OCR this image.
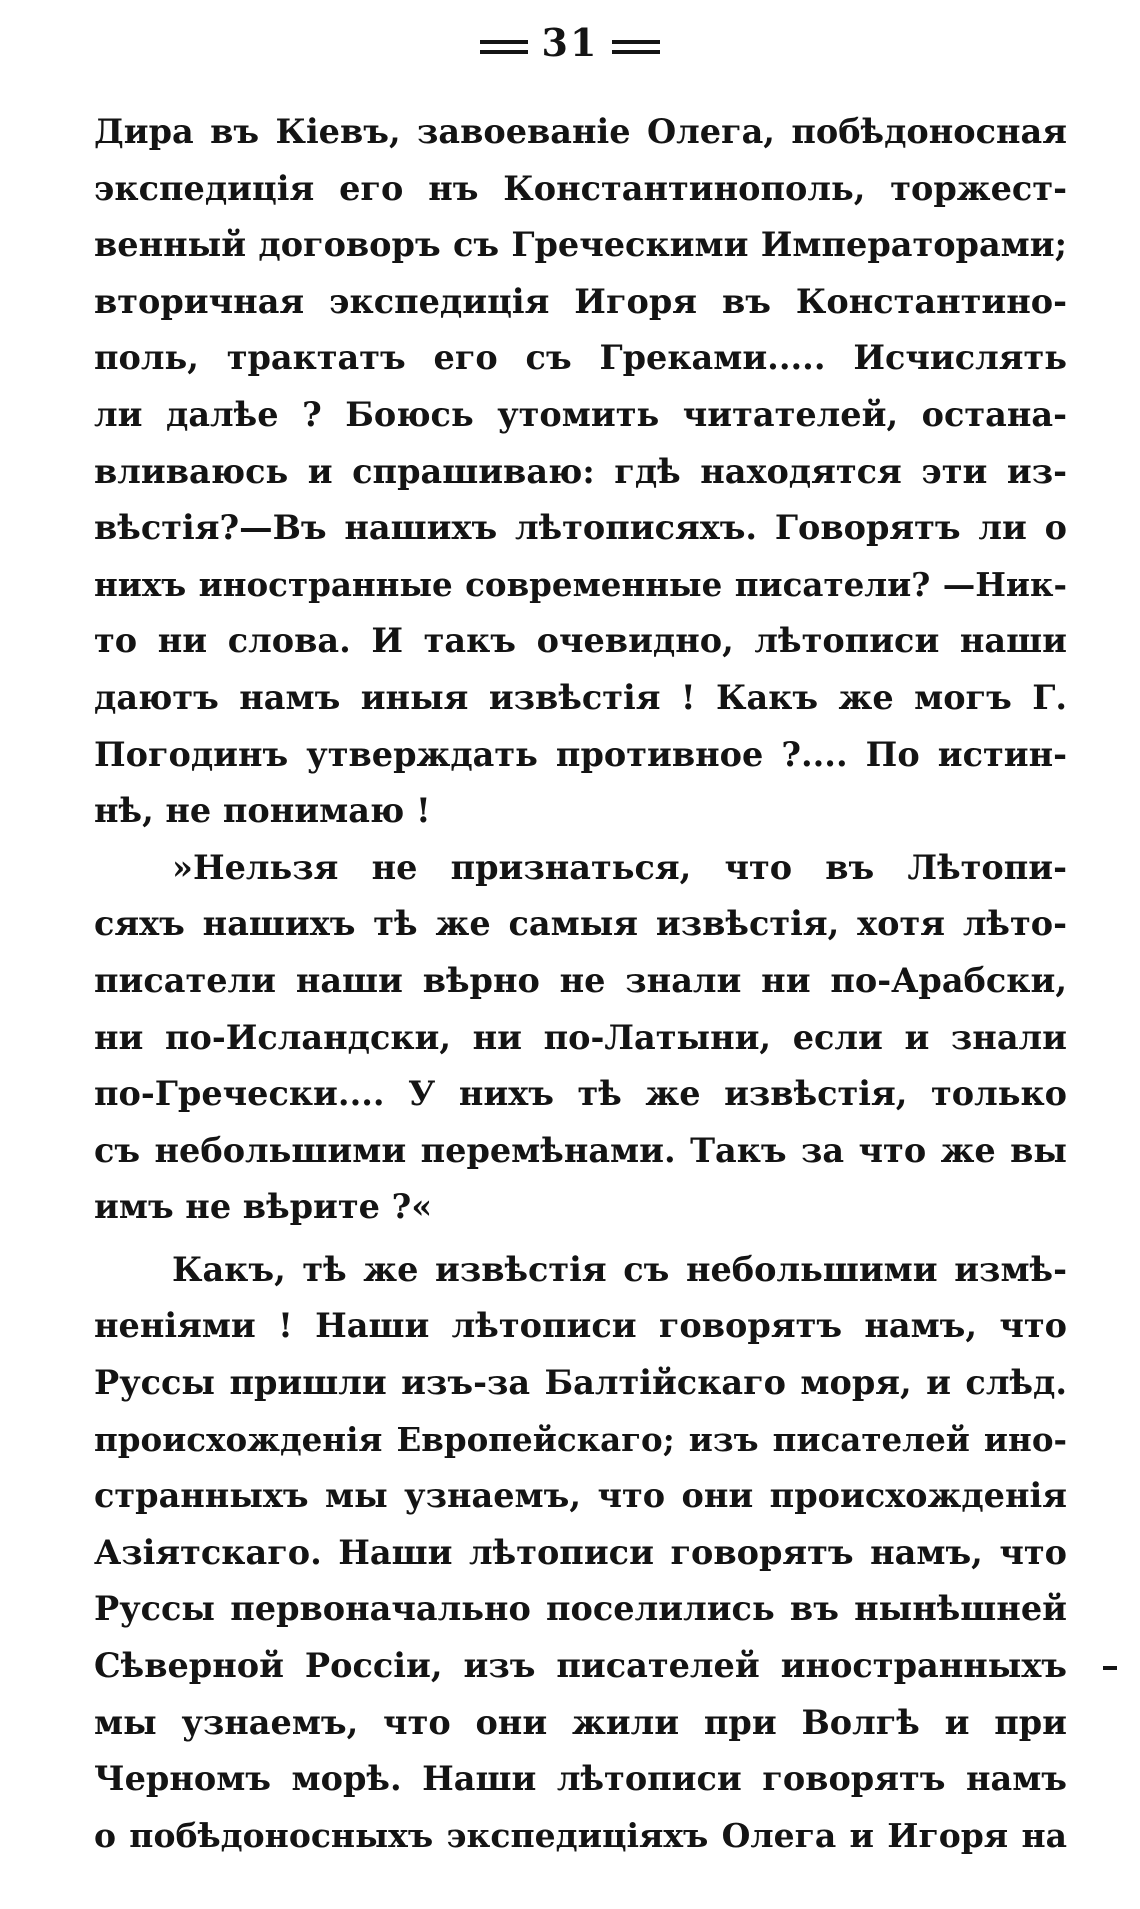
31
Дира въ Кіевъ, завоеваніе Олега, побѣдоносная
экспедиція его нъ Константинополь, торжест-
венный договоръ съ Греческими Императорами;
вторичная экспедиція Игоря въ Константино-
поль, трактатъ его съ Греками..... Исчислять
ли далѣе ? Боюсь утомить читателей, остана-
вливаюсь и спрашиваю: гдѣ находятся эти из-
вѣстія?—Въ нашихъ лѣтописяхъ. Говорятъ ли о
нихъ иностранные современные писатели? —Ник-
то ни слова. И такъ очевидно, лѣтописи наши
даютъ намъ иныя извѣстія ! Какъ же могъ Г.
Погодинъ утверждать противное ?.... По истин-
нѣ, не понимаю !
»Нельзя не признаться, что въ Лѣтопи-
сяхъ нашихъ тѣ же самыя извѣстія, хотя лѣто-
писатели наши вѣрно не знали ни по-Арабски,
ни по-Исландски, ни по-Латыни, если и знали
по-Гречески.... У нихъ тѣ же извѣстія, только
съ небольшими перемѣнами. Такъ за что же вы
имъ не вѣрите ?«
Какъ, тѣ же извѣстія съ небольшими измѣ-
неніями ! Наши лѣтописи говорятъ намъ, что
Руссы пришли изъ-за Балтійскаго моря, и слѣд.
происхожденія Европейскаго; изъ писателей ино-
странныхъ мы узнаемъ, что они происхожденія
Азіятскаго. Наши лѣтописи говорятъ намъ, что
Руссы первоначально поселились въ нынѣшней
Сѣверной Россіи, изъ писателей иностранныхъ
мы узнаемъ, что они жили при Волгѣ и при
Черномъ морѣ. Наши лѣтописи говорятъ намъ
о побѣдоносныхъ экспедиціяхъ Олега и Игоря на
